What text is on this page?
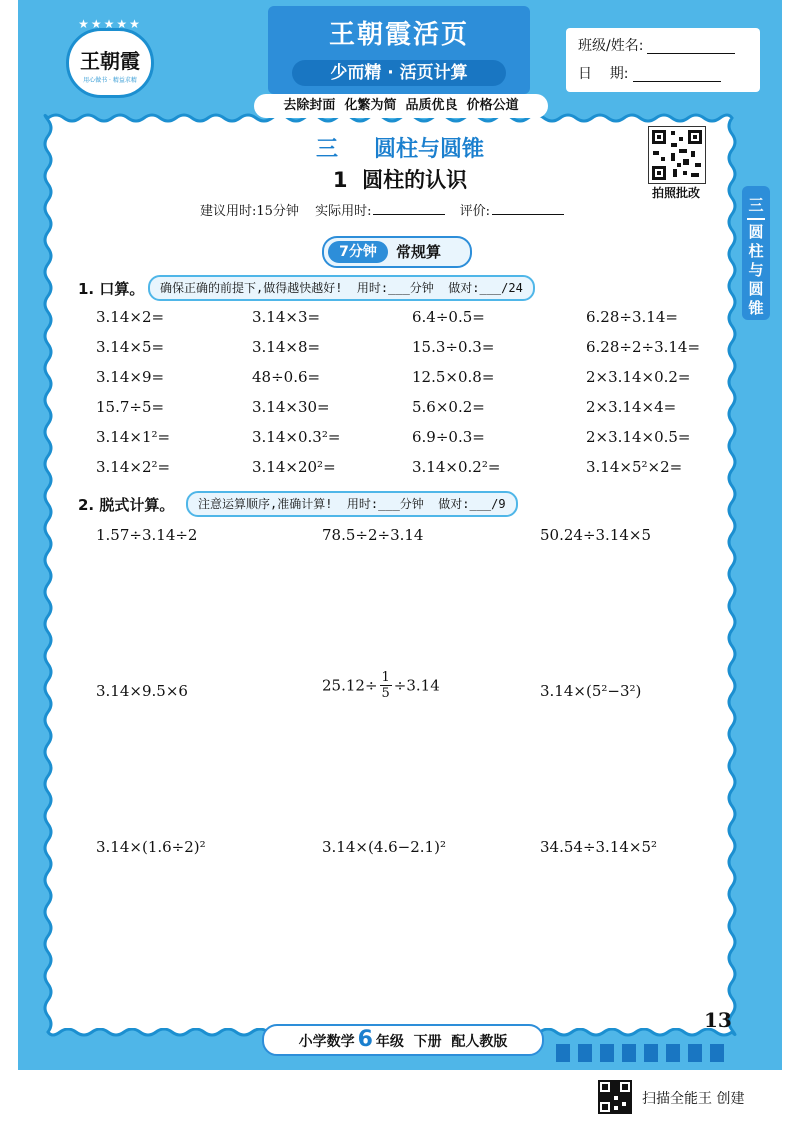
★★★★★
王朝霞
用心做书 · 精益求精
王朝霞活页
少而精 · 活页计算
班级/姓名:
日    期:
去除封面  化繁为简  品质优良  价格公道
三 圆柱与圆锥
1  圆柱的认识
建议用时:15分钟 实际用时:	评价:
拍照批改
三
圆柱与圆锥
7分钟	常规算
1. 口算。	确保正确的前提下,做得越快越好!  用时:___分钟  做对:___/24
3.14×2=	3.14×3=	6.4÷0.5=	6.28÷3.14=
3.14×5=	3.14×8=	15.3÷0.3=	6.28÷2÷3.14=
3.14×9=	48÷0.6=	12.5×0.8=	2×3.14×0.2=
15.7÷5=	3.14×30=	5.6×0.2=	2×3.14×4=
3.14×1²=	3.14×0.3²=	6.9÷0.3=	2×3.14×0.5=
3.14×2²=	3.14×20²=	3.14×0.2²=	3.14×5²×2=
2. 脱式计算。	注意运算顺序,准确计算!  用时:___分钟  做对:___/9
1.57÷3.14÷2	78.5÷2÷3.14	50.24÷3.14×5
3.14×9.5×6	$25.12\div \frac{1}{5} \div 3.14$	3.14×(5²−3²)
3.14×(1.6÷2)²	3.14×(4.6−2.1)²	34.54÷3.14×5²
13
小学数学 6 年级  下册  配人教版
扫描全能王 创建
